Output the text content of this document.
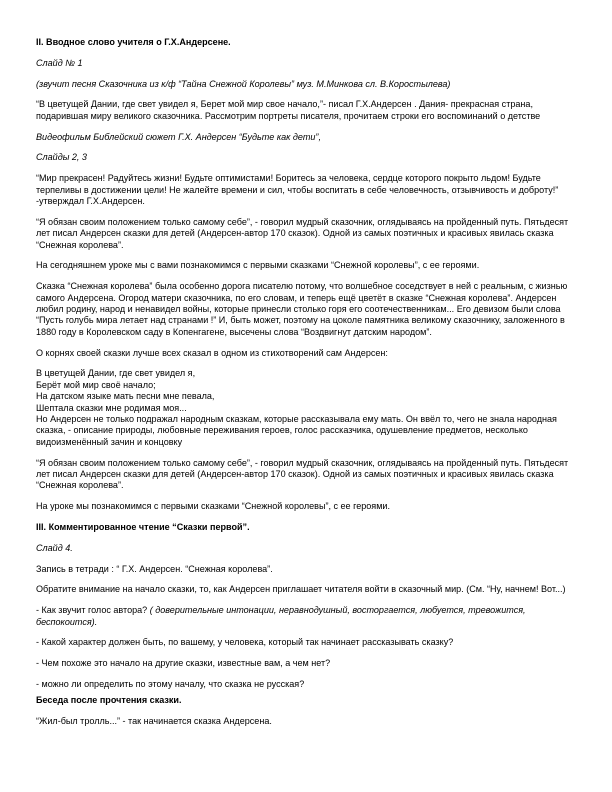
II. Вводное слово учителя о Г.Х.Андерсене.

Слайд № 1

(звучит песня Сказочника из к/ф “Тайна Снежной Королевы” муз. М.Минкова сл. В.Коростылева)

“В цветущей Дании, где свет увидел я, Берет мой мир свое начало,”- писал Г.Х.Андерсен . Дания- прекрасная страна, подарившая миру великого сказочника. Рассмотрим портреты писателя, прочитаем строки его воспоминаний о детстве

Видеофильм Библейский сюжет Г.Х. Андерсен “Будьте как дети”,

Слайды 2, 3

“Мир прекрасен! Радуйтесь жизни! Будьте оптимистами! Боритесь за человека, сердце которого покрыто льдом! Будьте терпеливы в достижении цели! Не жалейте времени и сил, чтобы воспитать в себе человечность, отзывчивость и доброту!” -утверждал Г.Х.Андерсен.

“Я обязан своим положением только самому себе”, - говорил мудрый сказочник, оглядываясь на пройденный путь. Пятьдесят лет писал Андерсен сказки для детей (Андерсен-автор 170 сказок). Одной из самых поэтичных и красивых явилась сказка “Снежная королева”.

На сегодняшнем уроке мы с вами познакомимся с первыми сказками “Снежной королевы”, с ее героями.

Сказка “Снежная королева” была особенно дорога писателю потому, что волшебное соседствует в ней с реальным, с жизнью самого Андерсена. Огород матери сказочника, по его словам, и теперь ещё цветёт в сказке “Снежная королева”. Андерсен любил родину, народ и ненавидел войны, которые принесли столько горя его соотечественникам... Его девизом были слова “Пусть голубь мира летает над странами !” И, быть может, поэтому на цоколе памятника великому сказочнику, заложенного в 1880 году в Королевском саду в Копенгагене, высечены слова “Воздвигнут датским народом”.

О корнях своей сказки лучше всех сказал в одном из стихотворений сам Андерсен:

В цветущей Дании, где свет увидел я,
Берёт мой мир своё начало;
На датском языке мать песни мне певала,
Шептала сказки мне родимая моя...
Но Андерсен не только подражал народным сказкам, которые рассказывала ему мать. Он ввёл то, чего не знала народная сказка, - описание природы, любовные переживания героев, голос рассказчика, одушевление предметов, несколько видоизменённый зачин и концовку

“Я обязан своим положением только самому себе”, - говорил мудрый сказочник, оглядываясь на пройденный путь. Пятьдесят лет писал Андерсен сказки для детей (Андерсен-автор 170 сказок). Одной из самых поэтичных и красивых явилась сказка “Снежная королева”.

На уроке мы познакомимся с первыми сказками “Снежной королевы”, с ее героями.

III. Комментированное чтение “Сказки первой”.

Слайд 4.

Запись в тетради : “ Г.Х. Андерсен. “Снежная королева”.

Обратите внимание на начало сказки, то, как Андерсен приглашает читателя войти в сказочный мир. (См. “Ну, начнем! Вот...)

- Как звучит голос автора? ( доверительные интонации, неравнодушный, восторгается, любуется, тревожится, беспокоится).

- Какой характер должен быть, по вашему, у человека, который так начинает рассказывать сказку?

- Чем похоже это начало на другие сказки, известные вам, а чем нет?

- можно ли определить по этому началу, что сказка не русская?

Беседа после прочтения сказки.

“Жил-был тролль...” - так начинается сказка Андерсена.
